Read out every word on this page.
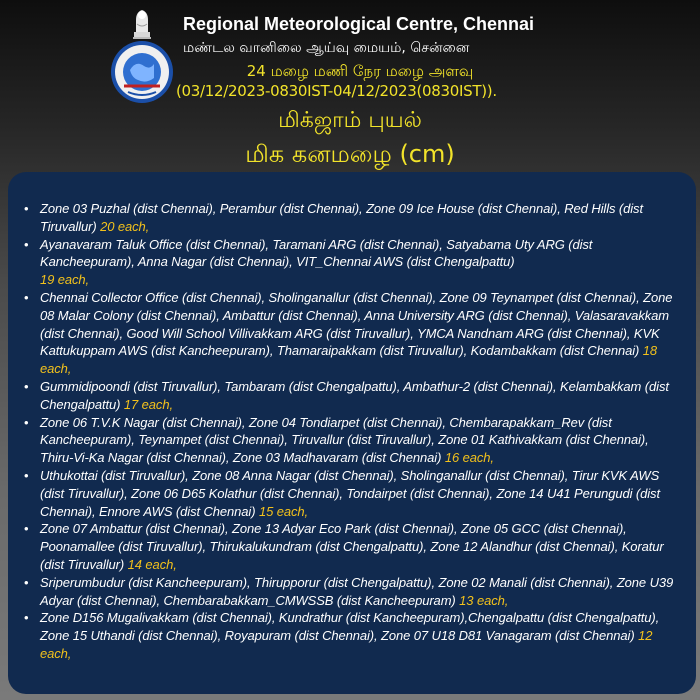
Regional Meteorological Centre, Chennai
மண்டல வானிலை ஆய்வு மையம், சென்னை
24 மழை மணி நேர மழை அளவு
(03/12/2023-0830IST-04/12/2023(0830IST)).
மிக்ஜாம் புயல்
மிக கனமழை (cm)
• Zone 03 Puzhal (dist Chennai), Perambur (dist Chennai), Zone 09 Ice House (dist Chennai), Red Hills (dist Tiruvallur) 20 each,
• Ayanavaram Taluk Office (dist Chennai), Taramani ARG (dist Chennai), Satyabama Uty ARG (dist Kancheepuram), Anna Nagar (dist Chennai), VIT_Chennai AWS (dist Chengalpattu)
19 each,
• Chennai Collector Office (dist Chennai), Sholinganallur (dist Chennai), Zone 09 Teynampet (dist Chennai), Zone 08 Malar Colony (dist Chennai), Ambattur (dist Chennai), Anna University ARG (dist Chennai), Valasaravakkam (dist Chennai), Good Will School Villivakkam ARG (dist Tiruvallur), YMCA Nandnam ARG (dist Chennai), KVK Kattukuppam AWS (dist Kancheepuram), Thamaraipakkam (dist Tiruvallur), Kodambakkam (dist Chennai) 18 each,
• Gummidipoondi (dist Tiruvallur), Tambaram (dist Chengalpattu), Ambathur-2 (dist Chennai), Kelambakkam (dist Chengalpattu) 17 each,
• Zone 06 T.V.K Nagar (dist Chennai), Zone 04 Tondiarpet (dist Chennai), Chembarapakkam_Rev (dist Kancheepuram), Teynampet (dist Chennai), Tiruvallur (dist Tiruvallur), Zone 01 Kathivakkam (dist Chennai), Thiru-Vi-Ka Nagar (dist Chennai), Zone 03 Madhavaram (dist Chennai) 16 each,
• Uthukottai (dist Tiruvallur), Zone 08 Anna Nagar (dist Chennai), Sholinganallur (dist Chennai), Tirur KVK AWS (dist Tiruvallur), Zone 06 D65 Kolathur (dist Chennai), Tondairpet (dist Chennai), Zone 14 U41 Perungudi (dist Chennai), Ennore AWS (dist Chennai) 15 each,
• Zone 07 Ambattur (dist Chennai), Zone 13 Adyar Eco Park (dist Chennai), Zone 05 GCC (dist Chennai), Poonamallee (dist Tiruvallur), Thirukalukundram (dist Chengalpattu), Zone 12 Alandhur (dist Chennai), Koratur (dist Tiruvallur) 14 each,
• Sriperumbudur (dist Kancheepuram), Thirupporur (dist Chengalpattu), Zone 02 Manali (dist Chennai), Zone U39 Adyar (dist Chennai), Chembarabakkam_CMWSSB (dist Kancheepuram) 13 each,
• Zone D156 Mugalivakkam (dist Chennai), Kundrathur (dist Kancheepuram),Chengalpattu (dist Chengalpattu), Zone 15 Uthandi (dist Chennai), Royapuram (dist Chennai), Zone 07 U18 D81 Vanagaram (dist Chennai) 12 each,
